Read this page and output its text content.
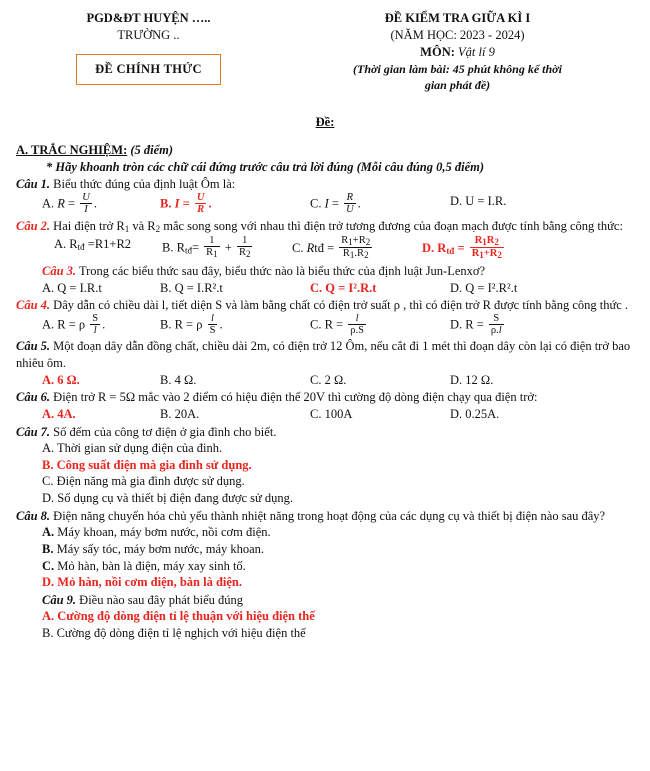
PGD&ĐT HUYỆN …..
TRƯỜNG ..
ĐỀ CHÍNH THỨC
ĐỀ KIỂM TRA GIỮA KÌ I
(NĂM HỌC: 2023 - 2024)
MÔN: Vật lí 9
(Thời gian làm bài: 45 phút không kể thời
gian phát đề)
Đề:
A. TRẮC NGHIỆM: (5 điểm)
* Hãy khoanh tròn các chữ cái đứng trước câu trả lời đúng (Mỗi câu đúng 0,5 điểm)
Câu 1. Biểu thức đúng của định luật Ôm là:
A. $R = \frac{U}{I}$ .	B. $I = \frac{U}{R}$ .	C. $I = \frac{R}{U}$ .	D. U = I.R.
Câu 2. Hai điện trở $R_1$ và $R_2$ mắc song song với nhau thì điện trở tương đương của đoạn mạch được tính bằng công thức:
A. $R_{tđ} =R1+R2$	B. $R_{tđ}= \frac{1}{R1} + \frac{1}{R2}$	C. Rtđ = $\frac{R1+R2}{R1.R2}$	D. $R_{tđ} = \frac{R1R2}{R1+R2}$
Câu 3. Trong các biểu thức sau đây, biểu thức nào là biểu thức của định luật Jun-Lenxơ?
A. Q = I.R.t	B. Q = I.R².t	C. Q = I².R.t	D. Q = I².R².t
Câu 4. Dây dẫn có chiều dài l, tiết diện S và làm bằng chất có điện trở suất ρ , thì có điện trở R được tính bằng công thức .
A. R = ρ $\frac{S}{l}$ .	B. R = ρ $\frac{l}{S}$ .	C. $R = \frac{l}{\rho.S}$	D. $R = \frac{S}{\rho.l}$
Câu 5. Một đoạn dây dẫn đồng chất, chiều dài 2m, có điện trở 12 Ôm, nếu cắt đi 1 mét thì đoạn dây còn lại có điện trở bao nhiêu ôm.
A. 6 Ω.	B. 4 Ω.	C. 2 Ω.	D. 12 Ω.
Câu 6. Điện trở R = 5Ω mắc vào 2 điểm có hiệu điện thế 20V thì cường độ dòng điện chạy qua điện trở:
A. 4A.	B. 20A.	C. 100A	D. 0.25A.
Câu 7. Số đếm của công tơ điện ở gia đình cho biết.
A. Thời gian sử dụng điện của đinh.
B. Công suất điện mà gia đình sử dụng.
C. Điện năng mà gia đình được sử dụng.
D. Số dụng cụ và thiết bị điện đang được sử dụng.
Câu 8. Điện năng chuyển hóa chủ yếu thành nhiệt năng trong hoạt động của các dụng cụ và thiết bị điện nào sau đây?
A. Máy khoan, máy bơm nước, nồi cơm điện.
B. Máy sấy tóc, máy bơm nước, máy khoan.
C. Mỏ hàn, bàn là điện, máy xay sinh tố.
D. Mỏ hàn, nồi cơm điện, bàn là điện.
Câu 9. Điều nào sau đây phát biểu đúng
A. Cường độ dòng điện tỉ lệ thuận với hiệu điện thế
B. Cường độ dòng điện tỉ lệ nghịch với hiệu điện thế
